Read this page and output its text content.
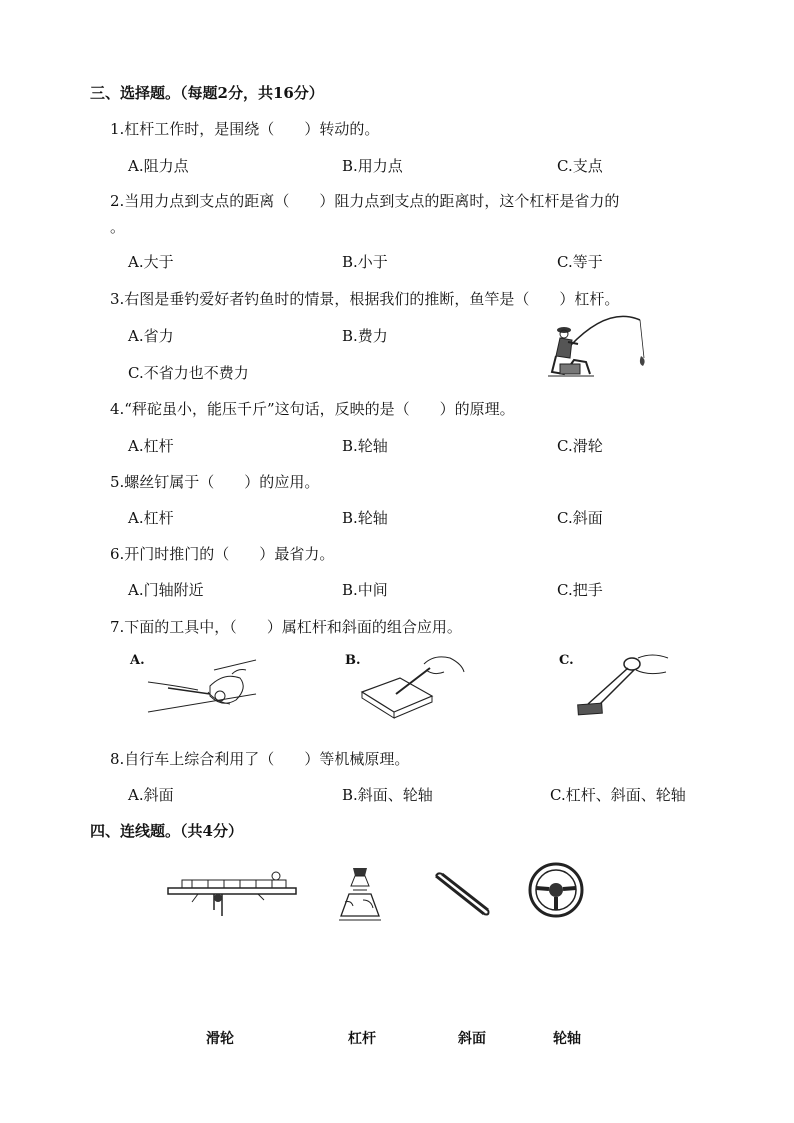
三、选择题。（每题2分，共16分）
1.杠杆工作时，是围绕（　　）转动的。
A.阻力点	B.用力点	C.支点
2.当用力点到支点的距离（　　）阻力点到支点的距离时，这个杠杆是省力的
。
A.大于	B.小于	C.等于
3.右图是垂钓爱好者钓鱼时的情景，根据我们的推断，鱼竿是（　　）杠杆。
A.省力	B.费力
C.不省力也不费力
4.“秤砣虽小，能压千斤”这句话，反映的是（　　）的原理。
A.杠杆	B.轮轴	C.滑轮
5.螺丝钉属于（　　）的应用。
A.杠杆	B.轮轴	C.斜面
6.开门时推门的（　　）最省力。
A.门轴附近	B.中间	C.把手
7.下面的工具中，（　　）属杠杆和斜面的组合应用。
A.	B.	C.
8.自行车上综合利用了（　　）等机械原理。
A.斜面	B.斜面、轮轴	C.杠杆、斜面、轮轴
四、连线题。（共4分）
滑轮	杠杆	斜面	轮轴
